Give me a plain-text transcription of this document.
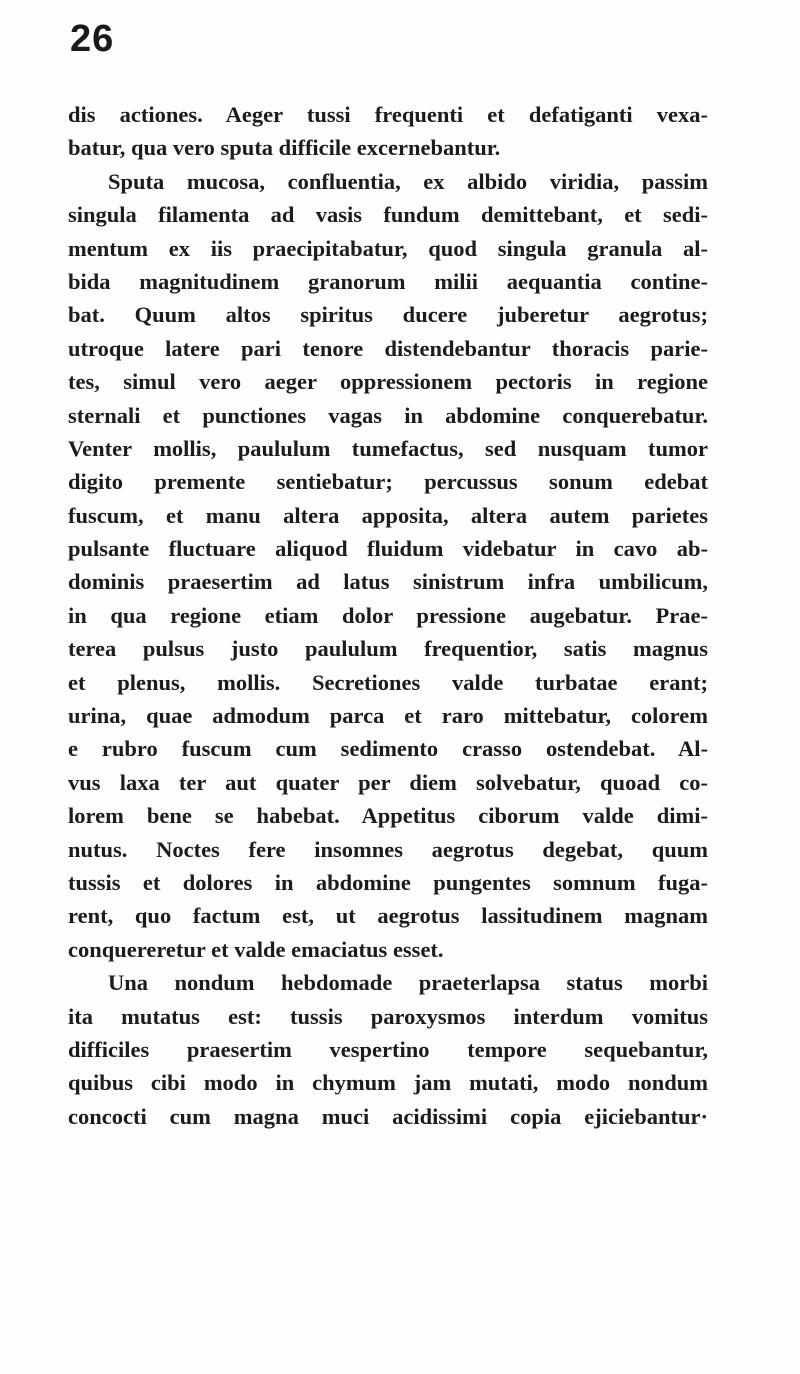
26
dis actiones. Aeger tussi frequenti et defatiganti vexa-
batur, qua vero sputa difficile excernebantur.
Sputa mucosa, confluentia, ex albido viridia, passim
singula filamenta ad vasis fundum demittebant, et sedi-
mentum ex iis praecipitabatur, quod singula granula al-
bida magnitudinem granorum milii aequantia contine-
bat. Quum altos spiritus ducere juberetur aegrotus;
utroque latere pari tenore distendebantur thoracis parie-
tes, simul vero aeger oppressionem pectoris in regione
sternali et punctiones vagas in abdomine conquerebatur.
Venter mollis, paululum tumefactus, sed nusquam tumor
digito premente sentiebatur; percussus sonum edebat
fuscum, et manu altera apposita, altera autem parietes
pulsante fluctuare aliquod fluidum videbatur in cavo ab-
dominis praesertim ad latus sinistrum infra umbilicum,
in qua regione etiam dolor pressione augebatur. Prae-
terea pulsus justo paululum frequentior, satis magnus
et plenus, mollis. Secretiones valde turbatae erant;
urina, quae admodum parca et raro mittebatur, colorem
e rubro fuscum cum sedimento crasso ostendebat. Al-
vus laxa ter aut quater per diem solvebatur, quoad co-
lorem bene se habebat. Appetitus ciborum valde dimi-
nutus. Noctes fere insomnes aegrotus degebat, quum
tussis et dolores in abdomine pungentes somnum fuga-
rent, quo factum est, ut aegrotus lassitudinem magnam
conquereretur et valde emaciatus esset.
Una nondum hebdomade praeterlapsa status morbi
ita mutatus est: tussis paroxysmos interdum vomitus
difficiles praesertim vespertino tempore sequebantur,
quibus cibi modo in chymum jam mutati, modo nondum
concocti cum magna muci acidissimi copia ejiciebantur·
